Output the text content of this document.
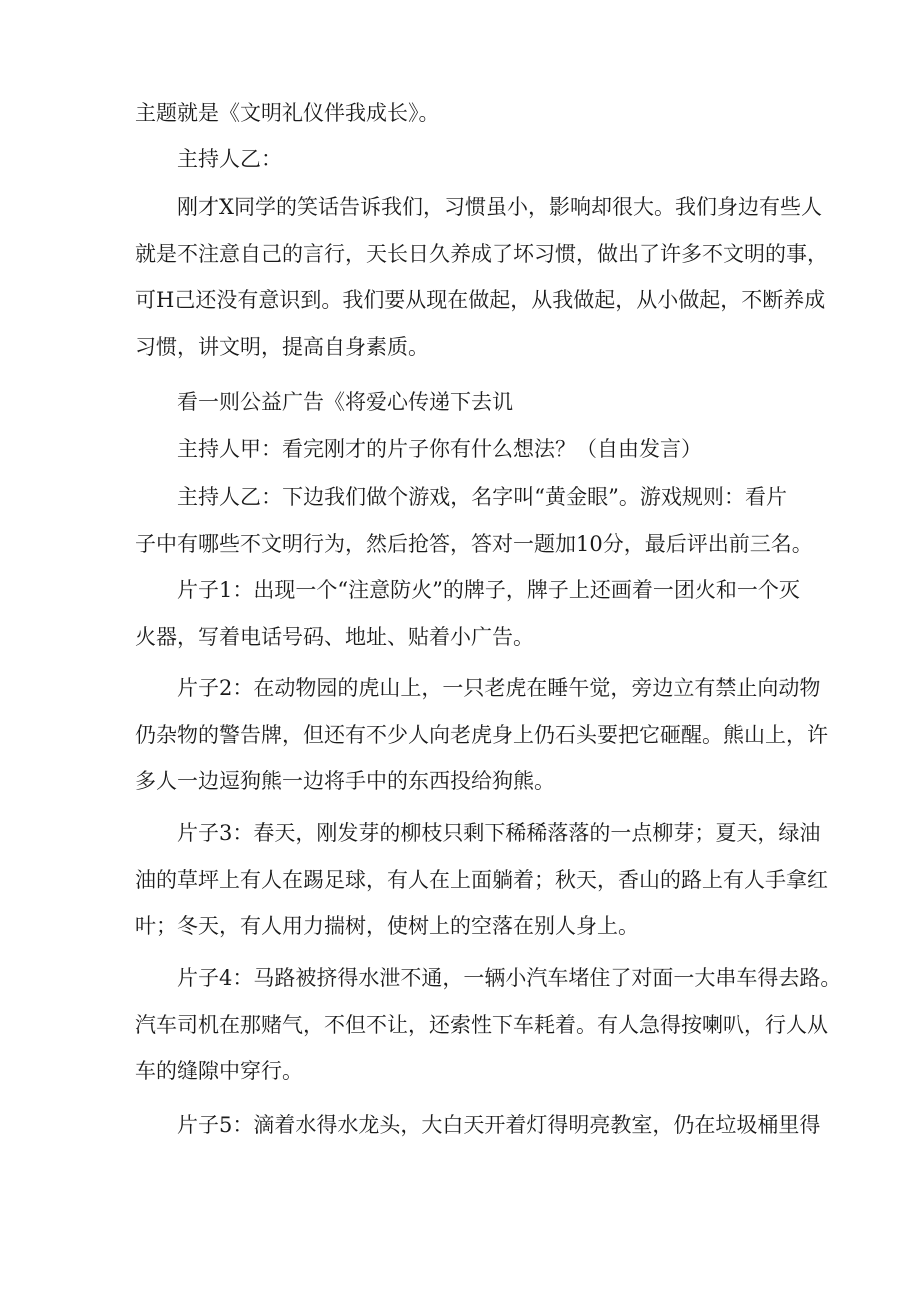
主题就是《文明礼仪伴我成长》。

主持人乙：

刚才X同学的笑话告诉我们，习惯虽小，影响却很大。我们身边有些人
就是不注意自己的言行，天长日久养成了坏习惯，做出了许多不文明的事，
可H己还没有意识到。我们要从现在做起，从我做起，从小做起，不断养成
习惯，讲文明，提高自身素质。

看一则公益广告《将爱心传递下去讥

主持人甲：看完刚才的片子你有什么想法？（自由发言）

主持人乙：下边我们做个游戏，名字叫“黄金眼”。游戏规则：看片
子中有哪些不文明行为，然后抢答，答对一题加10分，最后评出前三名。

片子1：出现一个“注意防火”的牌子，牌子上还画着一团火和一个灭
火器，写着电话号码、地址、贴着小广告。

片子2：在动物园的虎山上，一只老虎在睡午觉，旁边立有禁止向动物
仍杂物的警告牌，但还有不少人向老虎身上仍石头要把它砸醒。熊山上，许
多人一边逗狗熊一边将手中的东西投给狗熊。

片子3：春天，刚发芽的柳枝只剩下稀稀落落的一点柳芽；夏天，绿油
油的草坪上有人在踢足球，有人在上面躺着；秋天，香山的路上有人手拿红
叶；冬天，有人用力揣树，使树上的空落在别人身上。

片子4：马路被挤得水泄不通，一辆小汽车堵住了对面一大串车得去路。
汽车司机在那赌气，不但不让，还索性下车耗着。有人急得按喇叭，行人从
车的缝隙中穿行。

片子5：滴着水得水龙头，大白天开着灯得明亮教室，仍在垃圾桶里得
